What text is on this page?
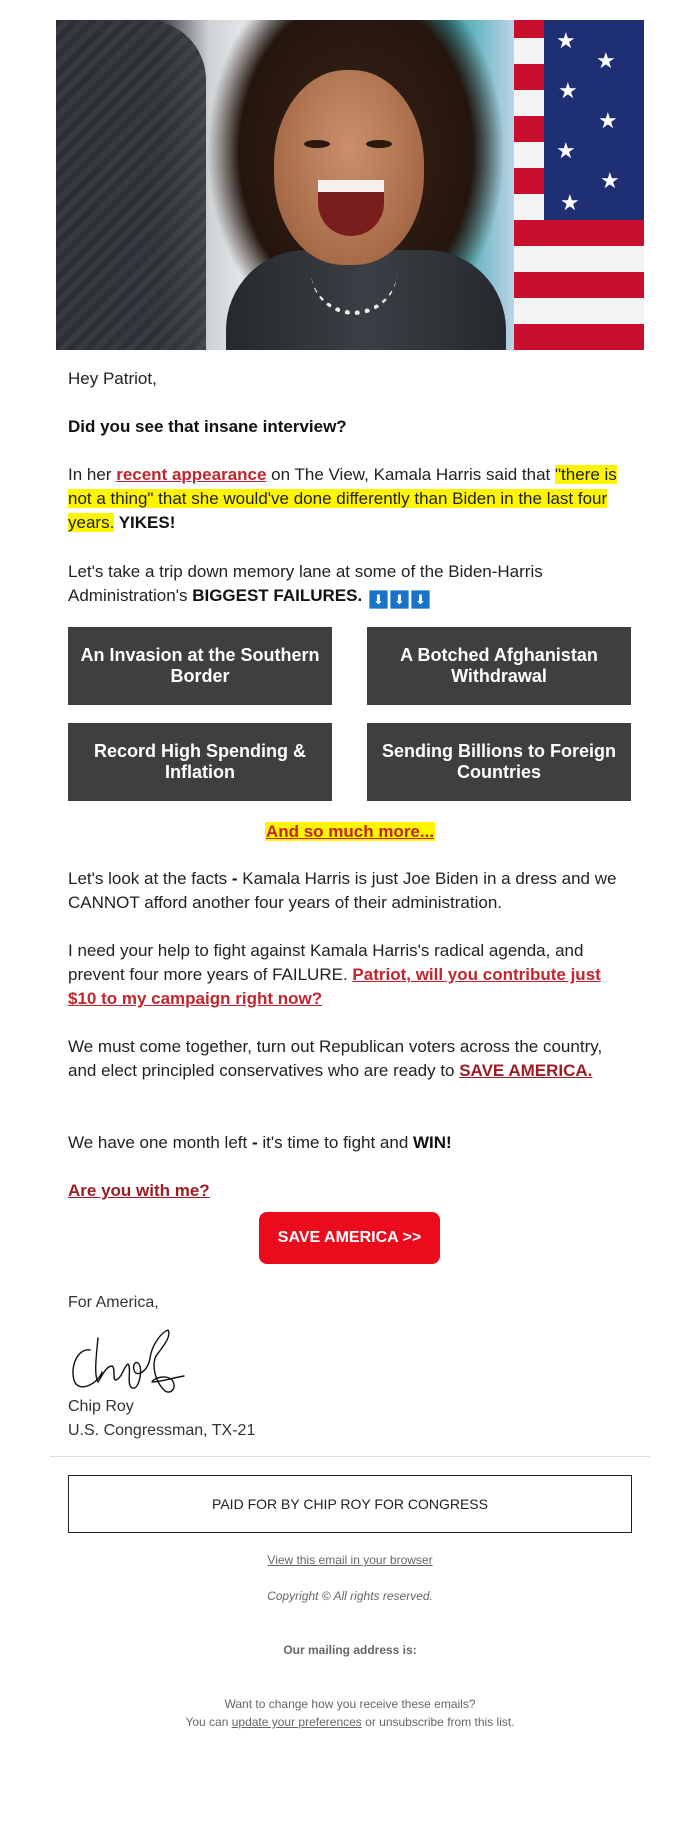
★
★
★
★
★
★
★
Hey Patriot,
Did you see that insane interview?
In her recent appearance on The View, Kamala Harris said that "there is not a thing" that she would've done differently than Biden in the last four years. YIKES!
Let's take a trip down memory lane at some of the Biden-Harris Administration's BIGGEST FAILURES. ⬇ ⬇ ⬇
An Invasion at the Southern Border
A Botched Afghanistan Withdrawal
Record High Spending & Inflation
Sending Billions to Foreign Countries
And so much more...
Let's look at the facts - Kamala Harris is just Joe Biden in a dress and we CANNOT afford another four years of their administration.
I need your help to fight against Kamala Harris's radical agenda, and prevent four more years of FAILURE. Patriot, will you contribute just $10 to my campaign right now?
We must come together, turn out Republican voters across the country, and elect principled conservatives who are ready to SAVE AMERICA.
We have one month left - it's time to fight and WIN!
Are you with me?
SAVE AMERICA >>
For America,
Chip Roy
U.S. Congressman, TX-21
PAID FOR BY CHIP ROY FOR CONGRESS
View this email in your browser
Copyright © All rights reserved.
Our mailing address is:
Want to change how you receive these emails?
You can update your preferences or unsubscribe from this list.
